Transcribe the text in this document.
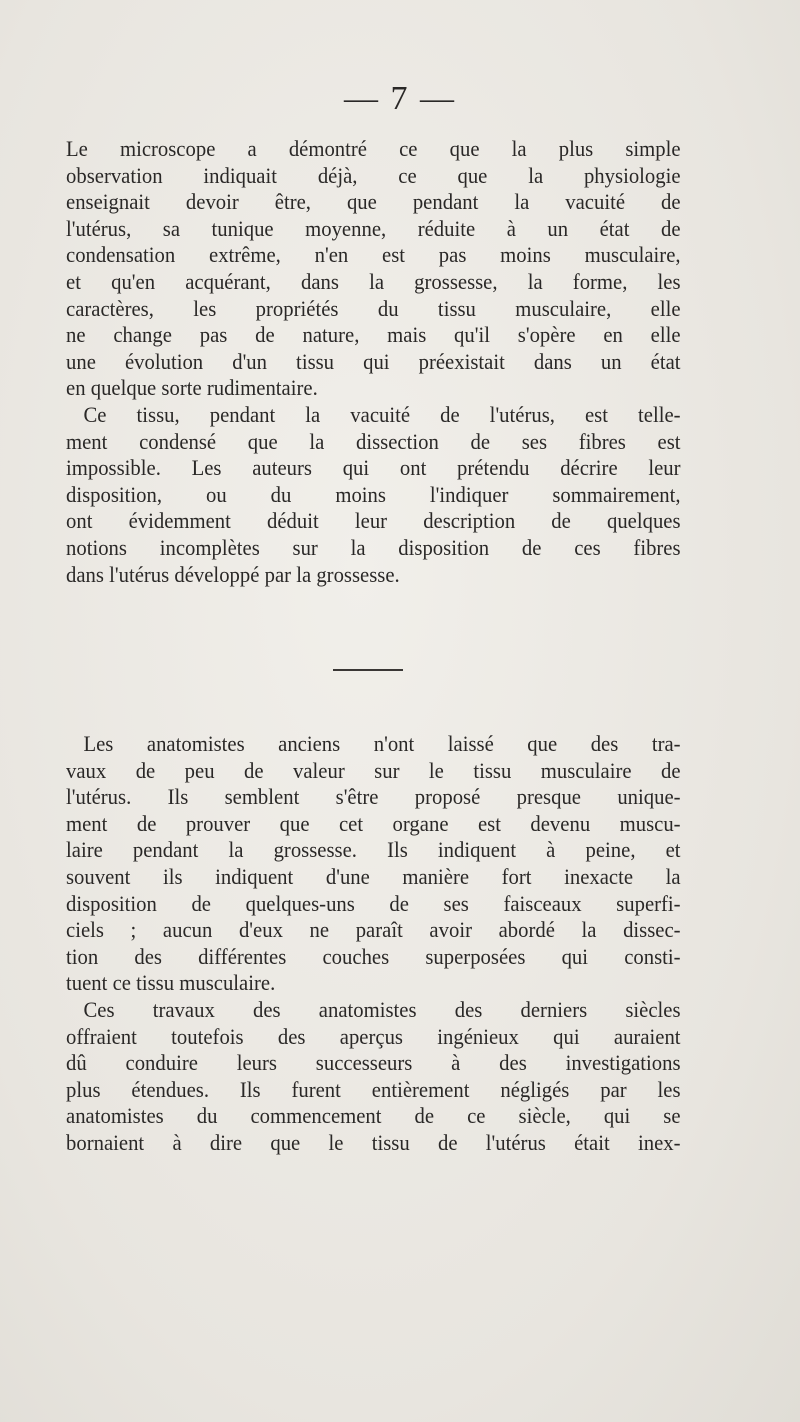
— 7 —
Le microscope a démontré ce que la plus simple
observation indiquait déjà, ce que la physiologie
enseignait devoir être, que pendant la vacuité de
l'utérus, sa tunique moyenne, réduite à un état de
condensation extrême, n'en est pas moins musculaire,
et qu'en acquérant, dans la grossesse, la forme, les
caractères, les propriétés du tissu musculaire, elle
ne change pas de nature, mais qu'il s'opère en elle
une évolution d'un tissu qui préexistait dans un état
en quelque sorte rudimentaire.
Ce tissu, pendant la vacuité de l'utérus, est telle-
ment condensé que la dissection de ses fibres est
impossible. Les auteurs qui ont prétendu décrire leur
disposition, ou du moins l'indiquer sommairement,
ont évidemment déduit leur description de quelques
notions incomplètes sur la disposition de ces fibres
dans l'utérus développé par la grossesse.
Les anatomistes anciens n'ont laissé que des tra-
vaux de peu de valeur sur le tissu musculaire de
l'utérus. Ils semblent s'être proposé presque unique-
ment de prouver que cet organe est devenu muscu-
laire pendant la grossesse. Ils indiquent à peine, et
souvent ils indiquent d'une manière fort inexacte la
disposition de quelques-uns de ses faisceaux superfi-
ciels ; aucun d'eux ne paraît avoir abordé la dissec-
tion des différentes couches superposées qui consti-
tuent ce tissu musculaire.
Ces travaux des anatomistes des derniers siècles
offraient toutefois des aperçus ingénieux qui auraient
dû conduire leurs successeurs à des investigations
plus étendues. Ils furent entièrement négligés par les
anatomistes du commencement de ce siècle, qui se
bornaient à dire que le tissu de l'utérus était inex-
